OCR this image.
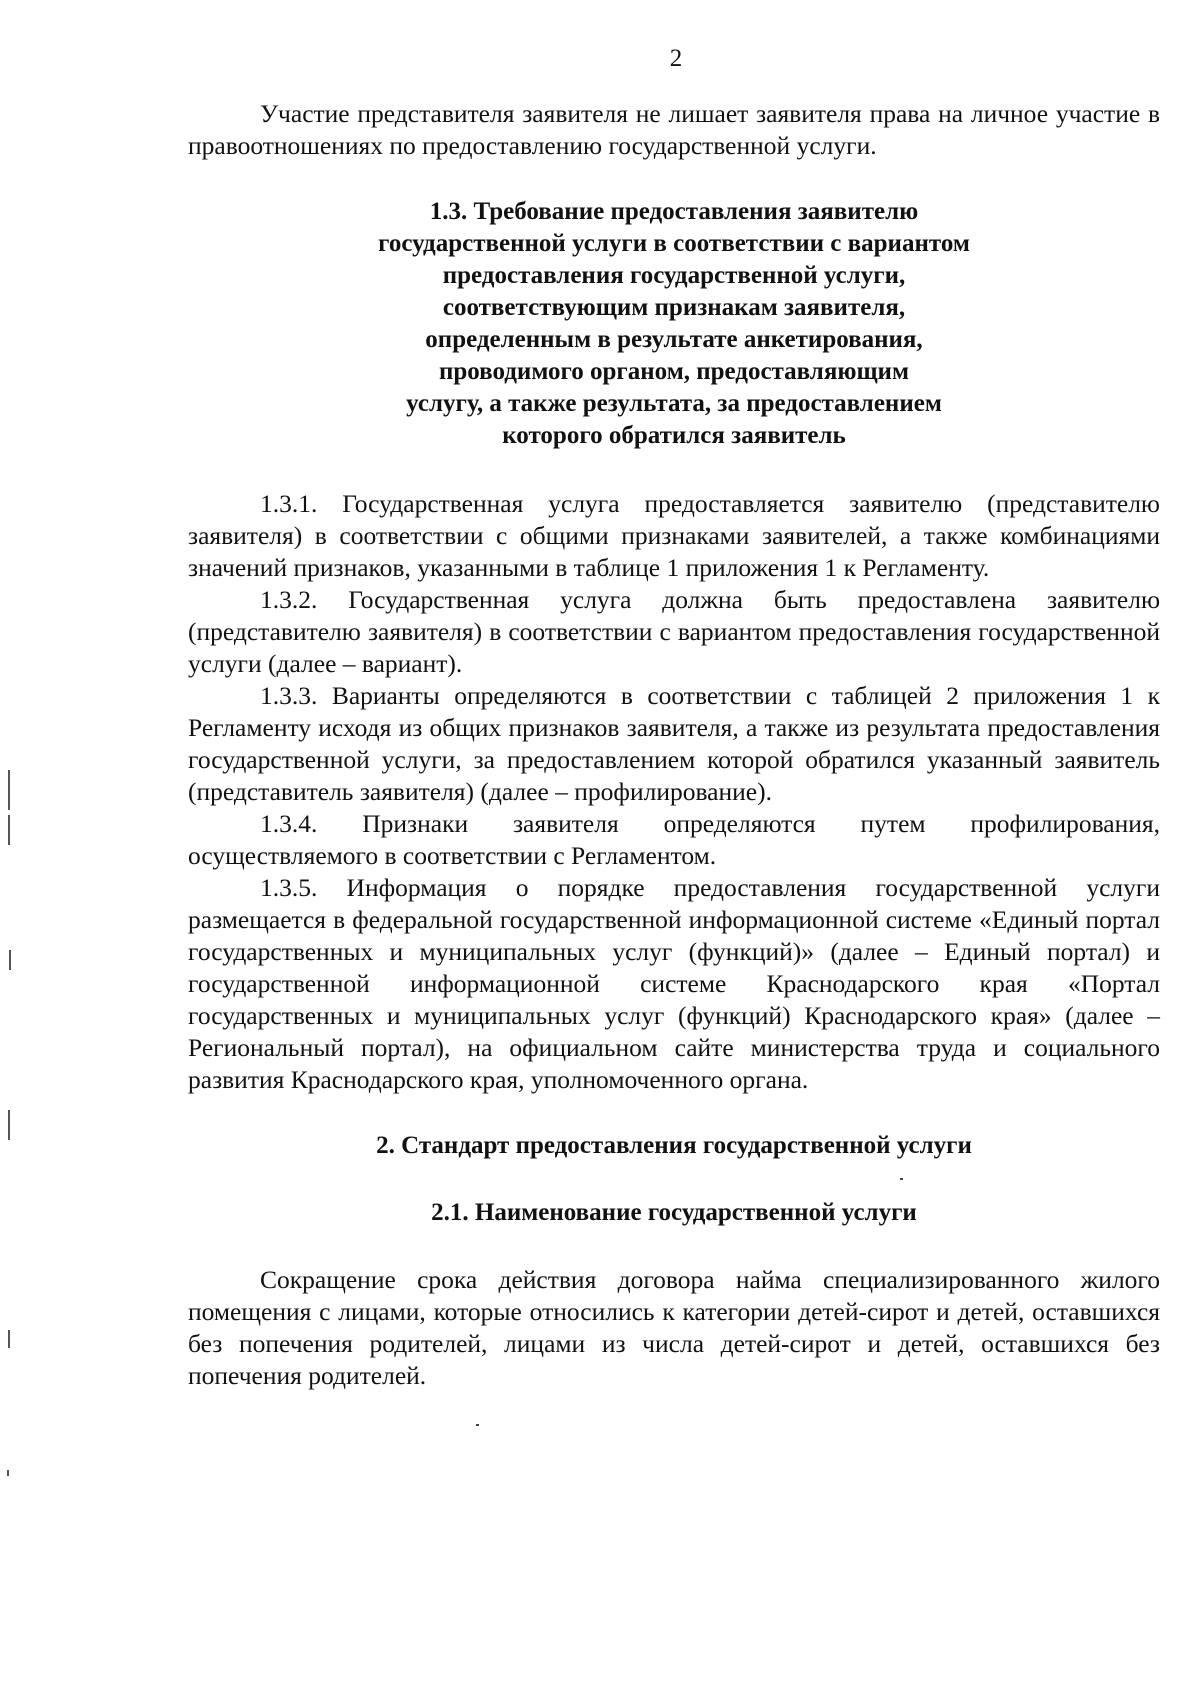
2

Участие представителя заявителя не лишает заявителя права на личное участие в правоотношениях по предоставлению государственной услуги.

1.3. Требование предоставления заявителю
государственной услуги в соответствии с вариантом
предоставления государственной услуги,
соответствующим признакам заявителя,
определенным в результате анкетирования,
проводимого органом, предоставляющим
услугу, а также результата, за предоставлением
которого обратился заявитель

1.3.1. Государственная услуга предоставляется заявителю (представителю заявителя) в соответствии с общими признаками заявителей, а также комбинациями значений признаков, указанными в таблице 1 приложения 1 к Регламенту.

1.3.2. Государственная услуга должна быть предоставлена заявителю (представителю заявителя) в соответствии с вариантом предоставления государственной услуги (далее – вариант).

1.3.3. Варианты определяются в соответствии с таблицей 2 приложения 1 к Регламенту исходя из общих признаков заявителя, а также из результата предоставления государственной услуги, за предоставлением которой обратился указанный заявитель (представитель заявителя) (далее – профилирование).

1.3.4. Признаки заявителя определяются путем профилирования, осуществляемого в соответствии с Регламентом.

1.3.5. Информация о порядке предоставления государственной услуги размещается в федеральной государственной информационной системе «Единый портал государственных и муниципальных услуг (функций)» (далее – Единый портал) и государственной информационной системе Краснодарского края «Портал государственных и муниципальных услуг (функций) Краснодарского края» (далее – Региональный портал), на официальном сайте министерства труда и социального развития Краснодарского края, уполномоченного органа.

2. Стандарт предоставления государственной услуги
2.1. Наименование государственной услуги

Сокращение срока действия договора найма специализированного жилого помещения с лицами, которые относились к категории детей-сирот и детей, оставшихся без попечения родителей, лицами из числа детей-сирот и детей, оставшихся без попечения родителей.
